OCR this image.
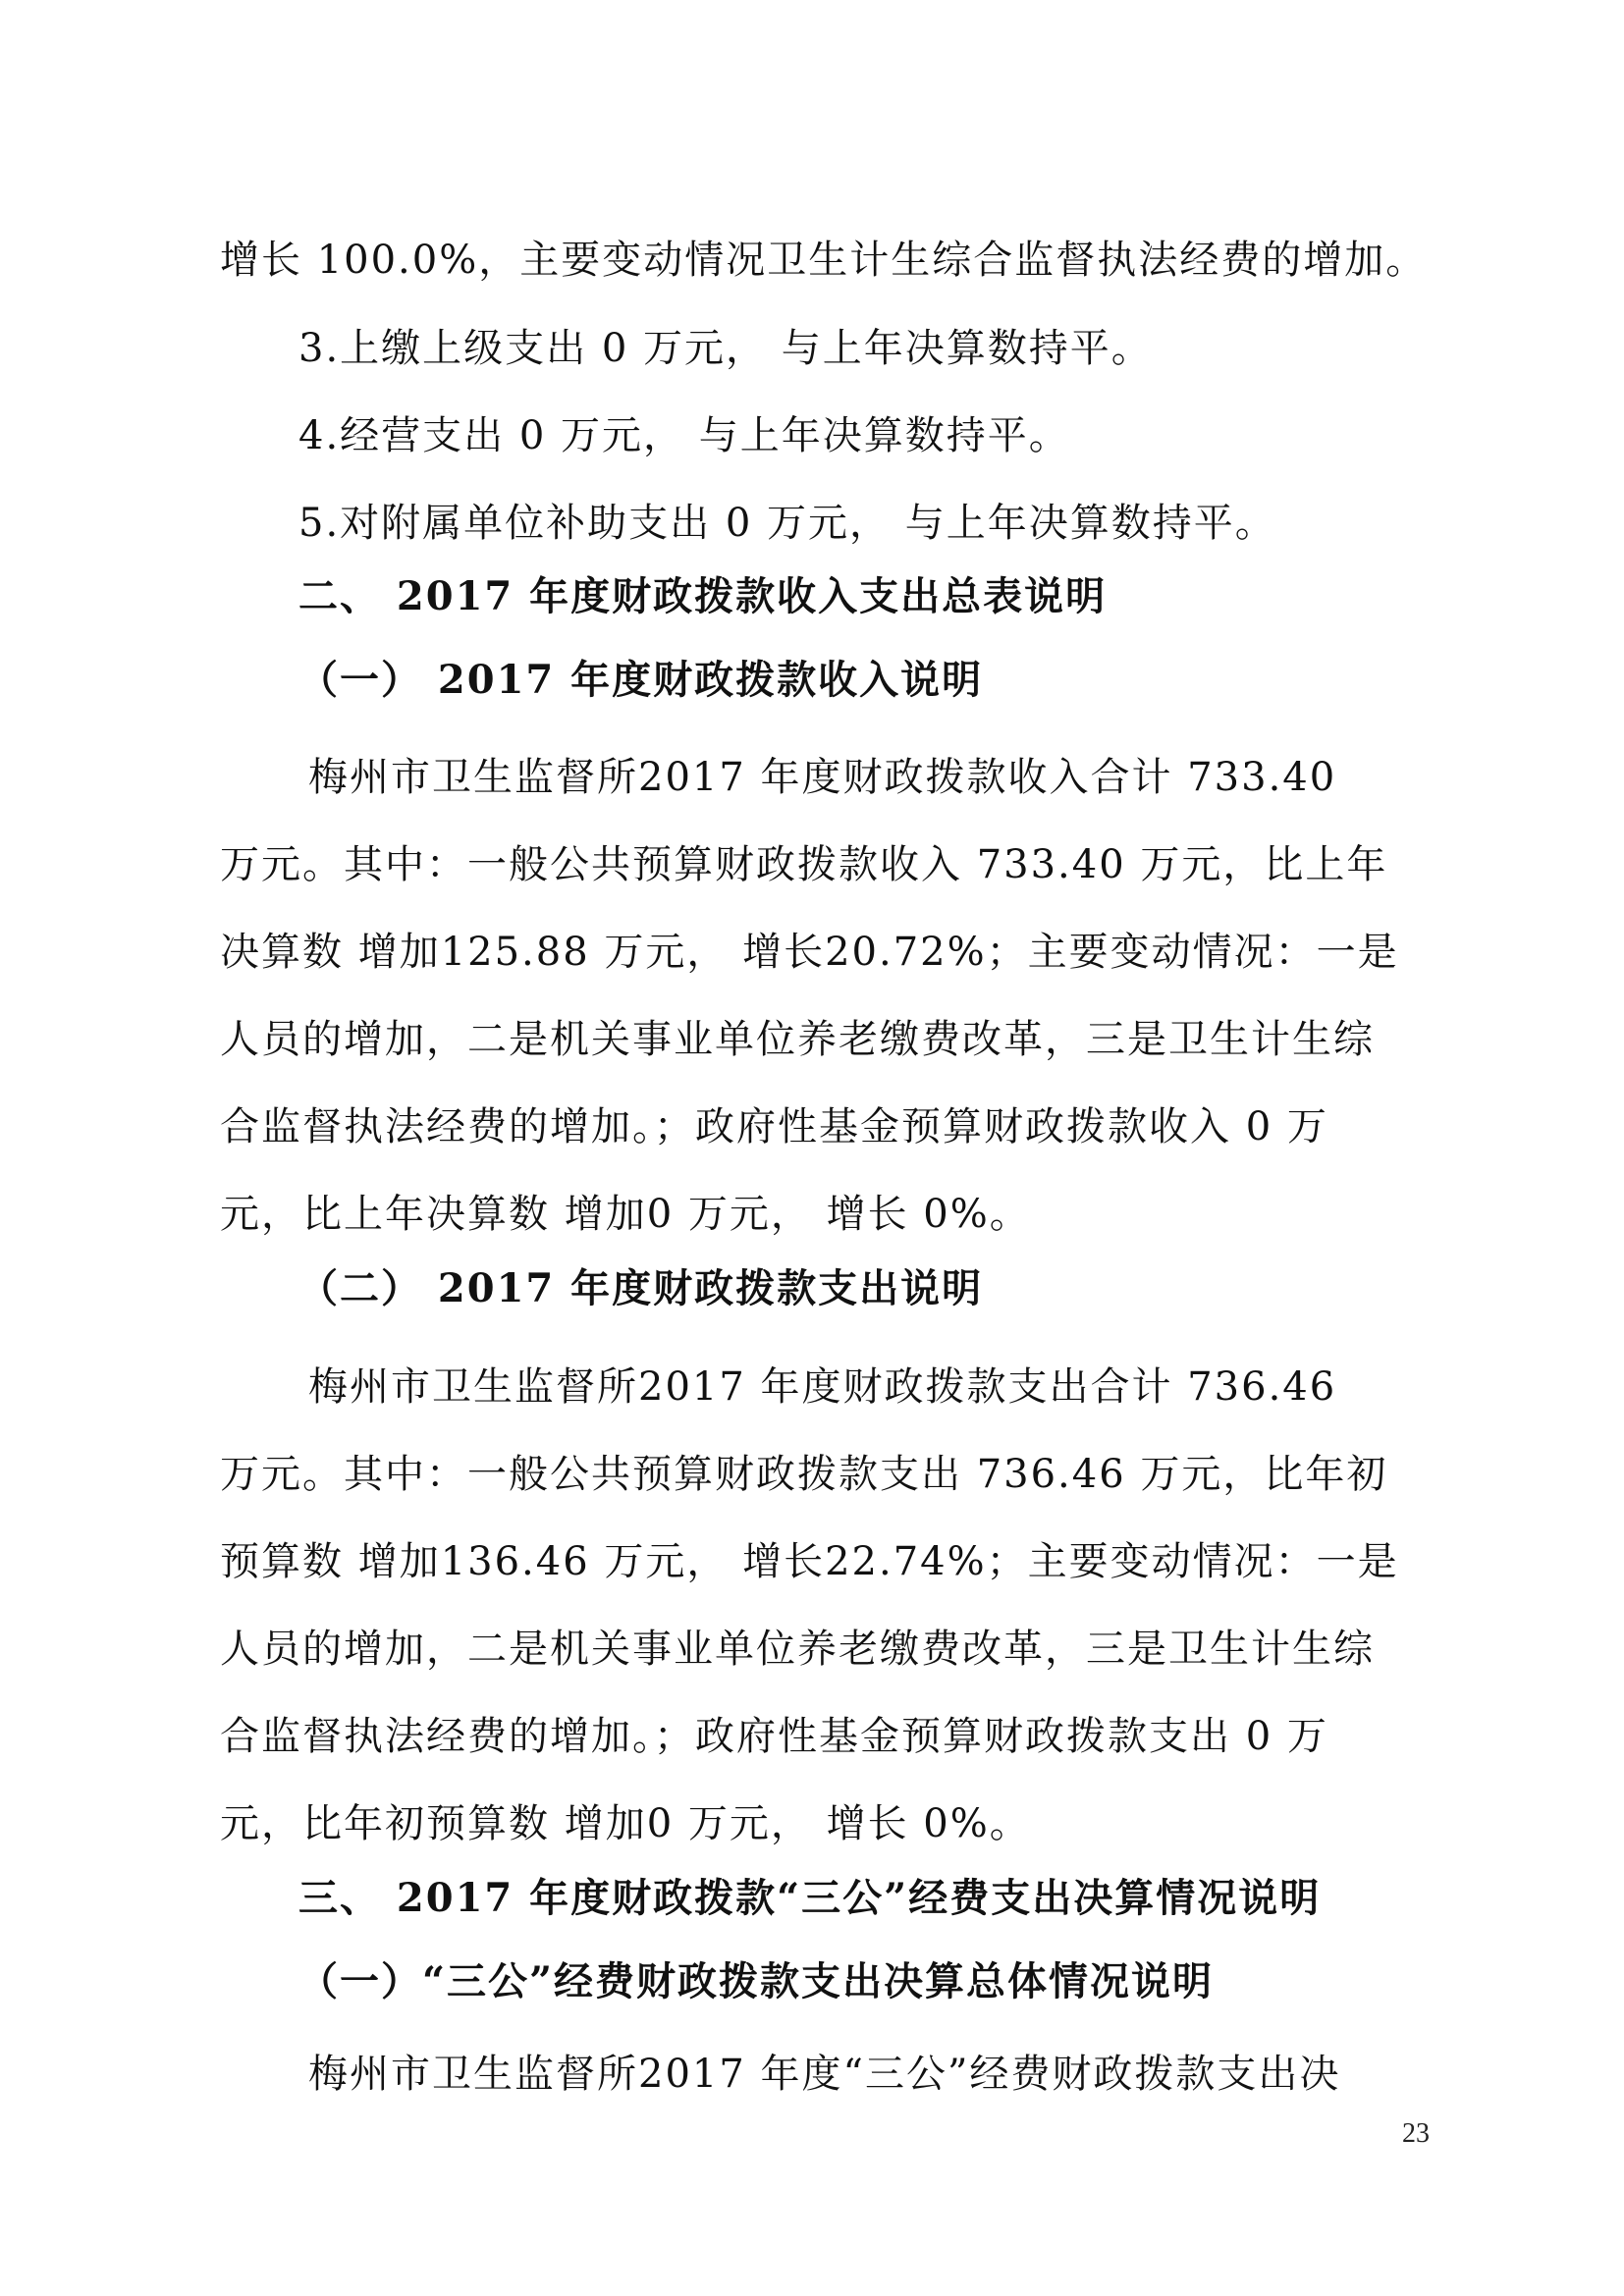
增长 100.0%，主要变动情况卫生计生综合监督执法经费的增加。
3.上缴上级支出 0 万元， 与上年决算数持平。
4.经营支出 0 万元， 与上年决算数持平。
5.对附属单位补助支出 0 万元， 与上年决算数持平。
二、 2017 年度财政拨款收入支出总表说明
（一） 2017 年度财政拨款收入说明
梅州市卫生监督所2017 年度财政拨款收入合计 733.40
万元。其中：一般公共预算财政拨款收入 733.40 万元，比上年
决算数 增加125.88 万元， 增长20.72%；主要变动情况：一是
人员的增加，二是机关事业单位养老缴费改革，三是卫生计生综
合监督执法经费的增加。；政府性基金预算财政拨款收入 0 万
元，比上年决算数 增加0 万元， 增长 0%。
（二） 2017 年度财政拨款支出说明
梅州市卫生监督所2017 年度财政拨款支出合计 736.46
万元。其中：一般公共预算财政拨款支出 736.46 万元，比年初
预算数 增加136.46 万元， 增长22.74%；主要变动情况：一是
人员的增加，二是机关事业单位养老缴费改革，三是卫生计生综
合监督执法经费的增加。；政府性基金预算财政拨款支出 0 万
元，比年初预算数 增加0 万元， 增长 0%。
三、 2017 年度财政拨款“三公”经费支出决算情况说明
（一）“三公”经费财政拨款支出决算总体情况说明
梅州市卫生监督所2017 年度“三公”经费财政拨款支出决
23
